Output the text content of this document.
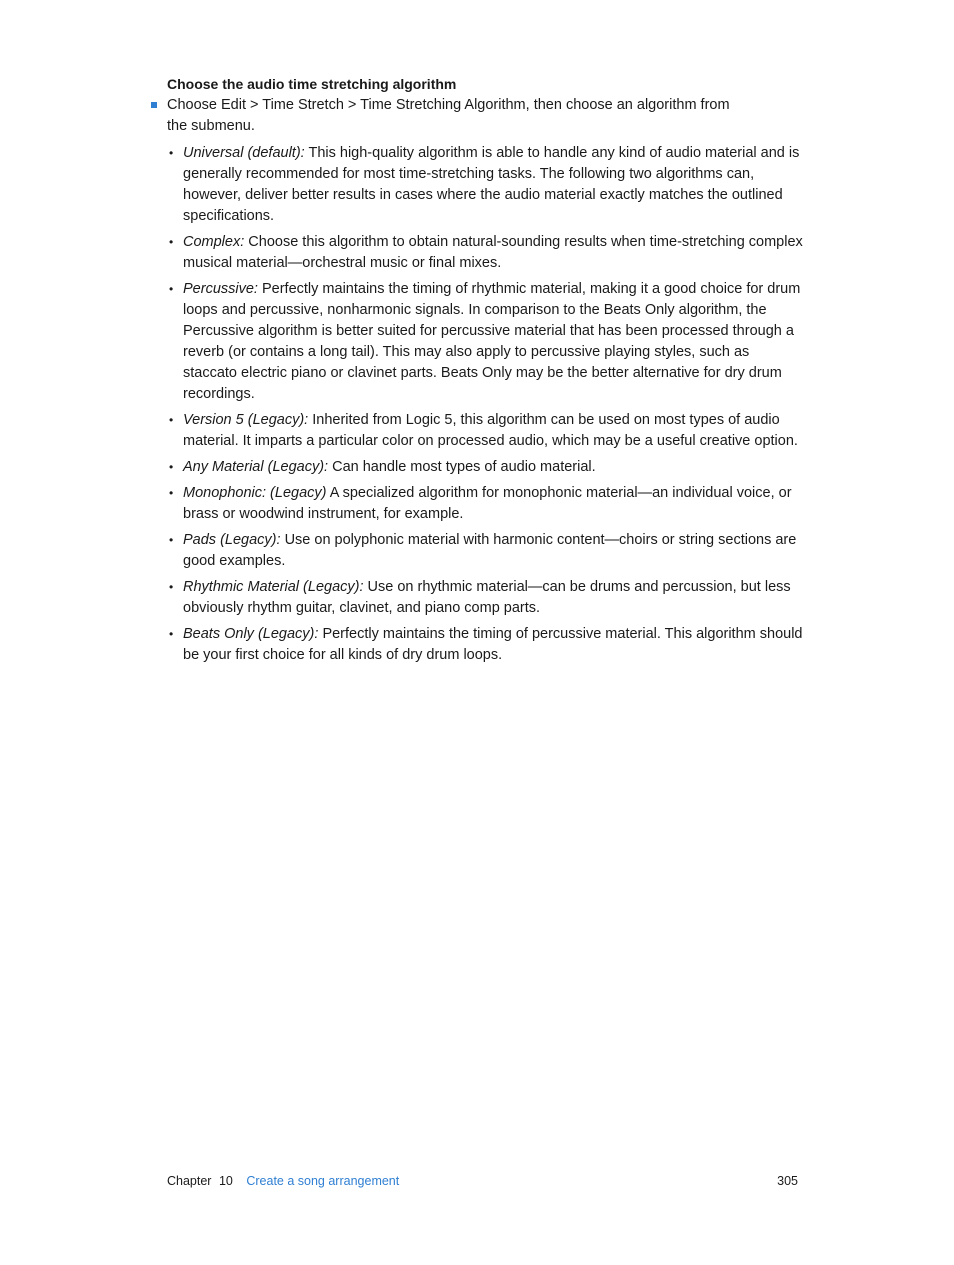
Choose the audio time stretching algorithm
Choose Edit > Time Stretch > Time Stretching Algorithm, then choose an algorithm from the submenu.
• Universal (default): This high-quality algorithm is able to handle any kind of audio material and is generally recommended for most time-stretching tasks. The following two algorithms can, however, deliver better results in cases where the audio material exactly matches the outlined specifications.
• Complex: Choose this algorithm to obtain natural-sounding results when time-stretching complex musical material—orchestral music or final mixes.
• Percussive: Perfectly maintains the timing of rhythmic material, making it a good choice for drum loops and percussive, nonharmonic signals. In comparison to the Beats Only algorithm, the Percussive algorithm is better suited for percussive material that has been processed through a reverb (or contains a long tail). This may also apply to percussive playing styles, such as staccato electric piano or clavinet parts. Beats Only may be the better alternative for dry drum recordings.
• Version 5 (Legacy): Inherited from Logic 5, this algorithm can be used on most types of audio material. It imparts a particular color on processed audio, which may be a useful creative option.
• Any Material (Legacy): Can handle most types of audio material.
• Monophonic: (Legacy) A specialized algorithm for monophonic material—an individual voice, or brass or woodwind instrument, for example.
• Pads (Legacy): Use on polyphonic material with harmonic content—choirs or string sections are good examples.
• Rhythmic Material (Legacy): Use on rhythmic material—can be drums and percussion, but less obviously rhythm guitar, clavinet, and piano comp parts.
• Beats Only (Legacy): Perfectly maintains the timing of percussive material. This algorithm should be your first choice for all kinds of dry drum loops.
Chapter 10 Create a song arrangement	305
